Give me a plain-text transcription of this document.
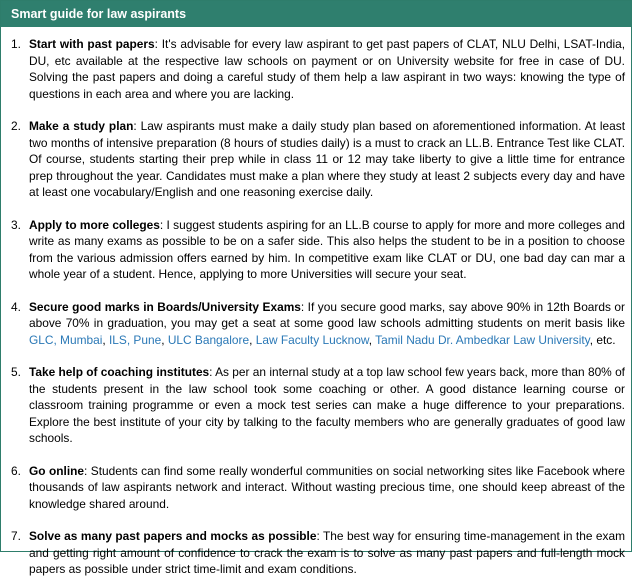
Smart guide for law aspirants
1. Start with past papers: It's advisable for every law aspirant to get past papers of CLAT, NLU Delhi, LSAT-India, DU, etc available at the respective law schools on payment or on University website for free in case of DU. Solving the past papers and doing a careful study of them help a law aspirant in two ways: knowing the type of questions in each area and where you are lacking.
2. Make a study plan: Law aspirants must make a daily study plan based on aforementioned information. At least two months of intensive preparation (8 hours of studies daily) is a must to crack an LL.B. Entrance Test like CLAT. Of course, students starting their prep while in class 11 or 12 may take liberty to give a little time for entrance prep throughout the year. Candidates must make a plan where they study at least 2 subjects every day and have at least one vocabulary/English and one reasoning exercise daily.
3. Apply to more colleges: I suggest students aspiring for an LL.B course to apply for more and more colleges and write as many exams as possible to be on a safer side. This also helps the student to be in a position to choose from the various admission offers earned by him. In competitive exam like CLAT or DU, one bad day can mar a whole year of a student. Hence, applying to more Universities will secure your seat.
4. Secure good marks in Boards/University Exams: If you secure good marks, say above 90% in 12th Boards or above 70% in graduation, you may get a seat at some good law schools admitting students on merit basis like GLC, Mumbai, ILS, Pune, ULC Bangalore, Law Faculty Lucknow, Tamil Nadu Dr. Ambedkar Law University, etc.
5. Take help of coaching institutes: As per an internal study at a top law school few years back, more than 80% of the students present in the law school took some coaching or other. A good distance learning course or classroom training programme or even a mock test series can make a huge difference to your preparations. Explore the best institute of your city by talking to the faculty members who are generally graduates of good law schools.
6. Go online: Students can find some really wonderful communities on social networking sites like Facebook where thousands of law aspirants network and interact. Without wasting precious time, one should keep abreast of the knowledge shared around.
7. Solve as many past papers and mocks as possible: The best way for ensuring time-management in the exam and getting right amount of confidence to crack the exam is to solve as many past papers and full-length mock papers as possible under strict time-limit and exam conditions.
